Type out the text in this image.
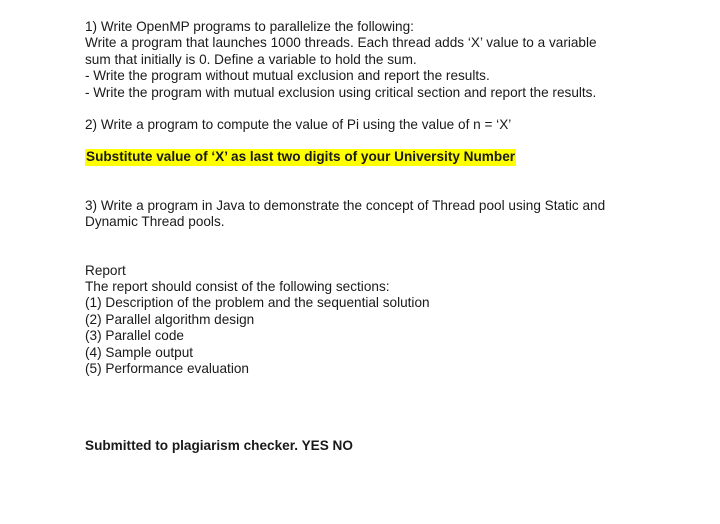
1) Write OpenMP programs to parallelize the following:
Write a program that launches 1000 threads. Each thread adds ‘X’ value to a variable
sum that initially is 0. Define a variable to hold the sum.
- Write the program without mutual exclusion and report the results.
- Write the program with mutual exclusion using critical section and report the results.
2) Write a program to compute the value of Pi using the value of n = ‘X’
Substitute value of ‘X’ as last two digits of your University Number
3) Write a program in Java to demonstrate the concept of Thread pool using Static and
Dynamic Thread pools.
Report
The report should consist of the following sections:
(1) Description of the problem and the sequential solution
(2) Parallel algorithm design
(3) Parallel code
(4) Sample output
(5) Performance evaluation
Submitted to plagiarism checker. YES NO
